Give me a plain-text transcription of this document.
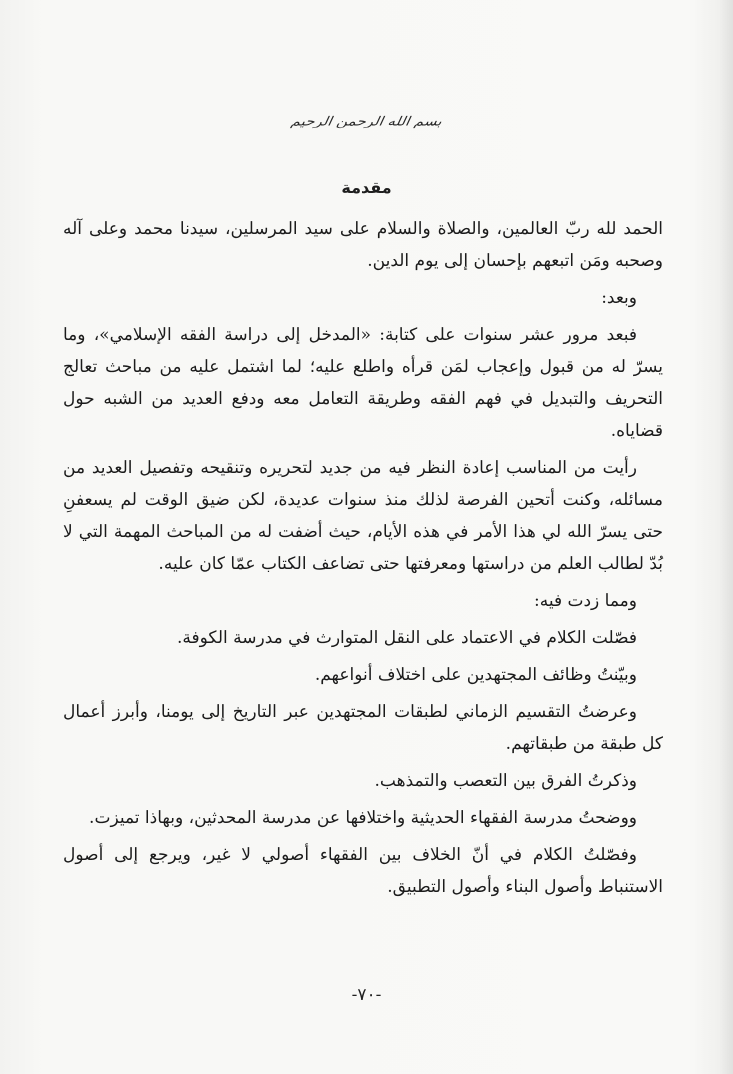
بسم الله الرحمن الرحيم
مقدمة

الحمد لله ربّ العالمين، والصلاة والسلام على سيد المرسلين، سيدنا محمد وعلى آله وصحبه ومَن اتبعهم بإحسان إلى يوم الدين.

وبعد:

فبعد مرور عشر سنوات على كتابة: «المدخل إلى دراسة الفقه الإسلامي»، وما يسرّ له من قبول وإعجاب لمَن قرأه واطلع عليه؛ لما اشتمل عليه من مباحث تعالج التحريف والتبديل في فهم الفقه وطريقة التعامل معه ودفع العديد من الشبه حول قضاياه.

رأيت من المناسب إعادة النظر فيه من جديد لتحريره وتنقيحه وتفصيل العديد من مسائله، وكنت أتحين الفرصة لذلك منذ سنوات عديدة، لكن ضيق الوقت لم يسعفنِ حتى يسرّ الله لي هذا الأمر في هذه الأيام، حيث أضفت له من المباحث المهمة التي لا بُدّ لطالب العلم من دراستها ومعرفتها حتى تضاعف الكتاب عمّا كان عليه.

ومما زدت فيه:

فصّلت الكلام في الاعتماد على النقل المتوارث في مدرسة الكوفة.

وبيّنتُ وظائف المجتهدين على اختلاف أنواعهم.

وعرضتُ التقسيم الزماني لطبقات المجتهدين عبر التاريخ إلى يومنا، وأبرز أعمال كل طبقة من طبقاتهم.

وذكرتُ الفرق بين التعصب والتمذهب.

ووضحتُ مدرسة الفقهاء الحديثية واختلافها عن مدرسة المحدثين، وبهاذا تميزت.

وفصّلتُ الكلام في أنّ الخلاف بين الفقهاء أصولي لا غير، ويرجع إلى أصول الاستنباط وأصول البناء وأصول التطبيق.

-٧٠-
